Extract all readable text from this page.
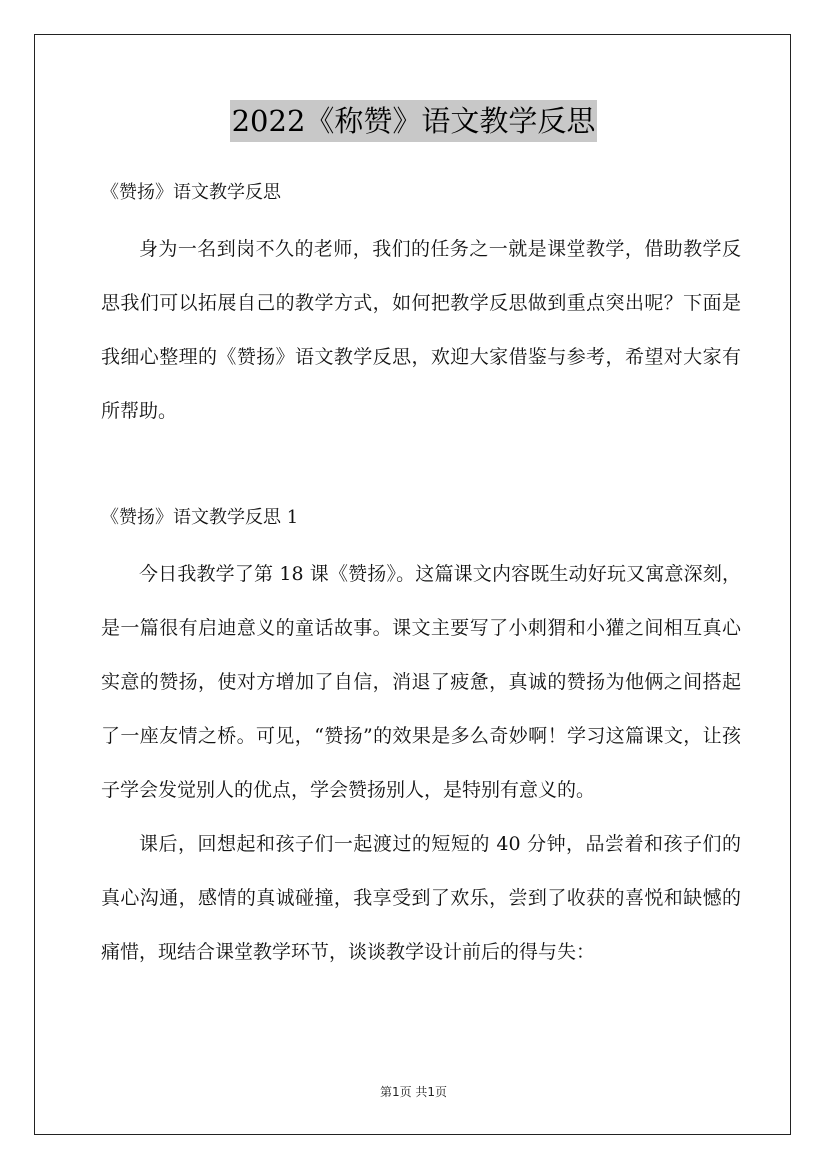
2022《称赞》语文教学反思
《赞扬》语文教学反思

身为一名到岗不久的老师，我们的任务之一就是课堂教学，借助教学反思我们可以拓展自己的教学方式，如何把教学反思做到重点突出呢？下面是我细心整理的《赞扬》语文教学反思，欢迎大家借鉴与参考，希望对大家有所帮助。

《赞扬》语文教学反思 1

今日我教学了第 18 课《赞扬》。这篇课文内容既生动好玩又寓意深刻，是一篇很有启迪意义的童话故事。课文主要写了小刺猬和小獾之间相互真心实意的赞扬，使对方增加了自信，消退了疲惫，真诚的赞扬为他俩之间搭起了一座友情之桥。可见，“赞扬”的效果是多么奇妙啊！学习这篇课文，让孩子学会发觉别人的优点，学会赞扬别人，是特别有意义的。

课后，回想起和孩子们一起渡过的短短的 40 分钟，品尝着和孩子们的真心沟通，感情的真诚碰撞，我享受到了欢乐，尝到了收获的喜悦和缺憾的痛惜，现结合课堂教学环节，谈谈教学设计前后的得与失：

第1页 共1页
